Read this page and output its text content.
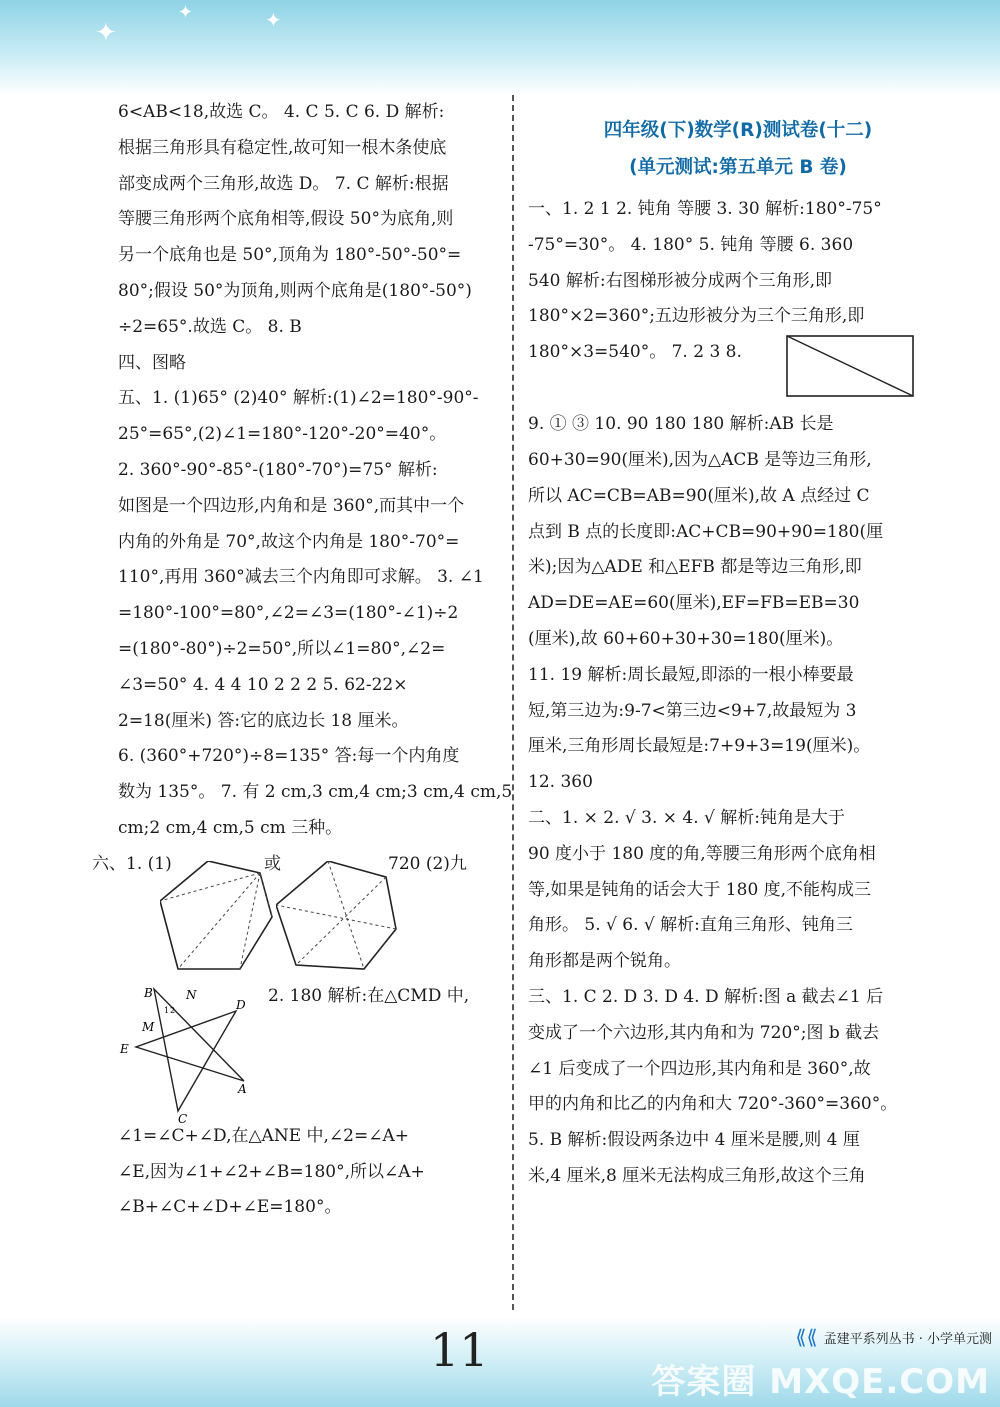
✦
✦	✦

6<AB<18,故选 C。 4. C 5. C 6. D 解析:

根据三角形具有稳定性,故可知一根木条使底

部变成两个三角形,故选 D。 7. C 解析:根据

等腰三角形两个底角相等,假设 50°为底角,则

另一个底角也是 50°,顶角为 180°-50°-50°=

80°;假设 50°为顶角,则两个底角是(180°-50°)

÷2=65°.故选 C。 8. B

四、图略

五、1. (1)65° (2)40° 解析:(1)∠2=180°-90°-

25°=65°,(2)∠1=180°-120°-20°=40°。

2. 360°-90°-85°-(180°-70°)=75° 解析:

如图是一个四边形,内角和是 360°,而其中一个

内角的外角是 70°,故这个内角是 180°-70°=

110°,再用 360°减去三个内角即可求解。 3. ∠1

=180°-100°=80°,∠2=∠3=(180°-∠1)÷2

=(180°-80°)÷2=50°,所以∠1=80°,∠2=

∠3=50° 4. 4 4 10 2 2 2 5. 62-22×

2=18(厘米) 答:它的底边长 18 厘米。

6. (360°+720°)÷8=135° 答:每一个内角度

数为 135°。 7. 有 2 cm,3 cm,4 cm;3 cm,4 cm,5

cm;2 cm,4 cm,5 cm 三种。

六、1. (1)	或	720 (2)九
B	N
M
D
E
A
C
1 2
2. 180 解析:在△CMD 中,

∠1=∠C+∠D,在△ANE 中,∠2=∠A+

∠E,因为∠1+∠2+∠B=180°,所以∠A+

∠B+∠C+∠D+∠E=180°。

四年级(下)数学(R)测试卷(十二)

(单元测试:第五单元 B 卷)

一、1. 2 1 2. 钝角 等腰 3. 30 解析:180°-75°

-75°=30°。 4. 180° 5. 钝角 等腰 6. 360

540 解析:右图梯形被分成两个三角形,即

180°×2=360°;五边形被分为三个三角形,即

180°×3=540°。 7. 2 3 8.

9. ① ③ 10. 90 180 180 解析:AB 长是

60+30=90(厘米),因为△ACB 是等边三角形,

所以 AC=CB=AB=90(厘米),故 A 点经过 C

点到 B 点的长度即:AC+CB=90+90=180(厘

米);因为△ADE 和△EFB 都是等边三角形,即

AD=DE=AE=60(厘米),EF=FB=EB=30

(厘米),故 60+60+30+30=180(厘米)。

11. 19 解析:周长最短,即添的一根小棒要最

短,第三边为:9-7<第三边<9+7,故最短为 3

厘米,三角形周长最短是:7+9+3=19(厘米)。

12. 360

二、1. × 2. √ 3. × 4. √ 解析:钝角是大于

90 度小于 180 度的角,等腰三角形两个底角相

等,如果是钝角的话会大于 180 度,不能构成三

角形。 5. √ 6. √ 解析:直角三角形、钝角三

角形都是两个锐角。

三、1. C 2. D 3. D 4. D 解析:图 a 截去∠1 后

变成了一个六边形,其内角和为 720°;图 b 截去

∠1 后变成了一个四边形,其内角和是 360°,故

甲的内角和比乙的内角和大 720°-360°=360°。

5. B 解析:假设两条边中 4 厘米是腰,则 4 厘

米,4 厘米,8 厘米无法构成三角形,故这个三角

⟪⟪ 孟建平系列丛书 · 小学单元测
11
答案圈 MXQE.COM
